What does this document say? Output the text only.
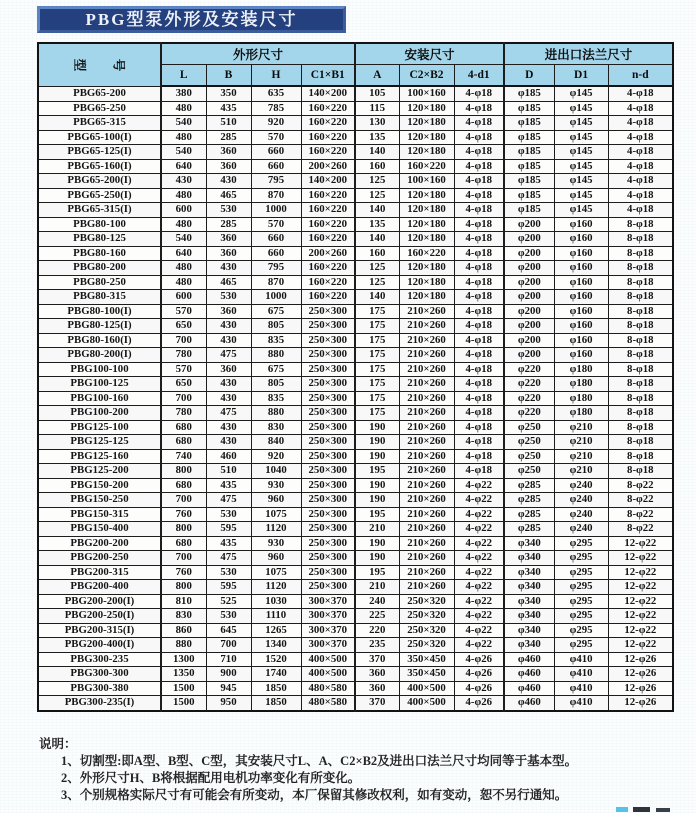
PBG型泵外形及安装尺寸
型 号	外形尺寸				安装尺寸			进出口法兰尺寸		
	L	B	H	C1×B1	A	C2×B2	4-d1	D	D1	n-d
PBG65-200	380	350	635	140×200	105	100×160	4-φ18	φ185	φ145	4-φ18
PBG65-250	480	435	785	160×220	115	120×180	4-φ18	φ185	φ145	4-φ18
PBG65-315	540	510	920	160×220	130	120×180	4-φ18	φ185	φ145	4-φ18
PBG65-100(I)	480	285	570	160×220	135	120×180	4-φ18	φ185	φ145	4-φ18
PBG65-125(I)	540	360	660	160×220	140	120×180	4-φ18	φ185	φ145	4-φ18
PBG65-160(I)	640	360	660	200×260	160	160×220	4-φ18	φ185	φ145	4-φ18
PBG65-200(I)	430	430	795	140×200	125	100×160	4-φ18	φ185	φ145	4-φ18
PBG65-250(I)	480	465	870	160×220	125	120×180	4-φ18	φ185	φ145	4-φ18
PBG65-315(I)	600	530	1000	160×220	140	120×180	4-φ18	φ185	φ145	4-φ18
PBG80-100	480	285	570	160×220	135	120×180	4-φ18	φ200	φ160	8-φ18
PBG80-125	540	360	660	160×220	140	120×180	4-φ18	φ200	φ160	8-φ18
PBG80-160	640	360	660	200×260	160	160×220	4-φ18	φ200	φ160	8-φ18
PBG80-200	480	430	795	160×220	125	120×180	4-φ18	φ200	φ160	8-φ18
PBG80-250	480	465	870	160×220	125	120×180	4-φ18	φ200	φ160	8-φ18
PBG80-315	600	530	1000	160×220	140	120×180	4-φ18	φ200	φ160	8-φ18
PBG80-100(I)	570	360	675	250×300	175	210×260	4-φ18	φ200	φ160	8-φ18
PBG80-125(I)	650	430	805	250×300	175	210×260	4-φ18	φ200	φ160	8-φ18
PBG80-160(I)	700	430	835	250×300	175	210×260	4-φ18	φ200	φ160	8-φ18
PBG80-200(I)	780	475	880	250×300	175	210×260	4-φ18	φ200	φ160	8-φ18
PBG100-100	570	360	675	250×300	175	210×260	4-φ18	φ220	φ180	8-φ18
PBG100-125	650	430	805	250×300	175	210×260	4-φ18	φ220	φ180	8-φ18
PBG100-160	700	430	835	250×300	175	210×260	4-φ18	φ220	φ180	8-φ18
PBG100-200	780	475	880	250×300	175	210×260	4-φ18	φ220	φ180	8-φ18
PBG125-100	680	430	830	250×300	190	210×260	4-φ18	φ250	φ210	8-φ18
PBG125-125	680	430	840	250×300	190	210×260	4-φ18	φ250	φ210	8-φ18
PBG125-160	740	460	920	250×300	190	210×260	4-φ18	φ250	φ210	8-φ18
PBG125-200	800	510	1040	250×300	195	210×260	4-φ18	φ250	φ210	8-φ18
PBG150-200	680	435	930	250×300	190	210×260	4-φ22	φ285	φ240	8-φ22
PBG150-250	700	475	960	250×300	190	210×260	4-φ22	φ285	φ240	8-φ22
PBG150-315	760	530	1075	250×300	195	210×260	4-φ22	φ285	φ240	8-φ22
PBG150-400	800	595	1120	250×300	210	210×260	4-φ22	φ285	φ240	8-φ22
PBG200-200	680	435	930	250×300	190	210×260	4-φ22	φ340	φ295	12-φ22
PBG200-250	700	475	960	250×300	190	210×260	4-φ22	φ340	φ295	12-φ22
PBG200-315	760	530	1075	250×300	195	210×260	4-φ22	φ340	φ295	12-φ22
PBG200-400	800	595	1120	250×300	210	210×260	4-φ22	φ340	φ295	12-φ22
PBG200-200(I)	810	525	1030	300×370	240	250×320	4-φ22	φ340	φ295	12-φ22
PBG200-250(I)	830	530	1110	300×370	225	250×320	4-φ22	φ340	φ295	12-φ22
PBG200-315(I)	860	645	1265	300×370	220	250×320	4-φ22	φ340	φ295	12-φ22
PBG200-400(I)	880	700	1340	300×370	235	250×320	4-φ22	φ340	φ295	12-φ22
PBG300-235	1300	710	1520	400×500	370	350×450	4-φ26	φ460	φ410	12-φ26
PBG300-300	1350	900	1740	400×500	360	350×450	4-φ26	φ460	φ410	12-φ26
PBG300-380	1500	945	1850	480×580	360	400×500	4-φ26	φ460	φ410	12-φ26
PBG300-235(I)	1500	950	1850	480×580	370	400×500	4-φ26	φ460	φ410	12-φ26
说明：
1、切割型:即A型、B型、C型，其安装尺寸L、A、C2×B2及进出口法兰尺寸均同等于基本型。
2、外形尺寸H、B将根据配用电机功率变化有所变化。
3、个别规格实际尺寸有可能会有所变动，本厂保留其修改权利，如有变动，恕不另行通知。
